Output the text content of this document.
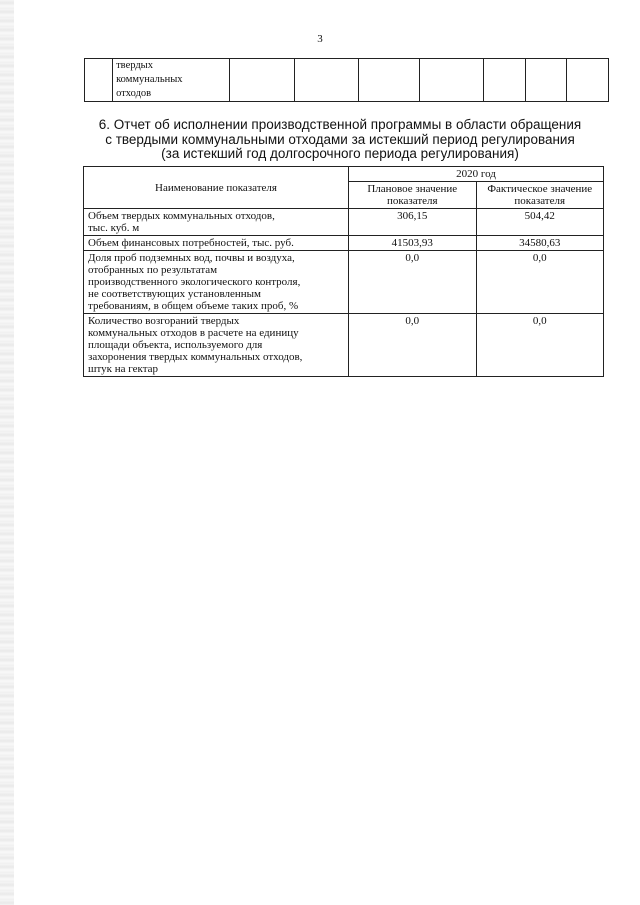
3

твердых
коммунальных
отходов

6. Отчет об исполнении производственной программы в области обращения
с твердыми коммунальными отходами за истекший период регулирования
(за истекший год долгосрочного периода регулирования)
Наименование показателя	2020 год	
	Плановое значение показателя	Фактическое значение показателя

Объем твердых коммунальных отходов,
тыс. куб. м	306,15	504,42

Объем финансовых потребностей, тыс. руб.	41503,93	34580,63

Доля проб подземных вод, почвы и воздуха,
отобранных по результатам
производственного экологического контроля,
не соответствующих установленным
требованиям, в общем объеме таких проб, %	0,0	0,0

Количество возгораний твердых
коммунальных отходов в расчете на единицу
площади объекта, используемого для
захоронения твердых коммунальных отходов,
штук на гектар	0,0	0,0
